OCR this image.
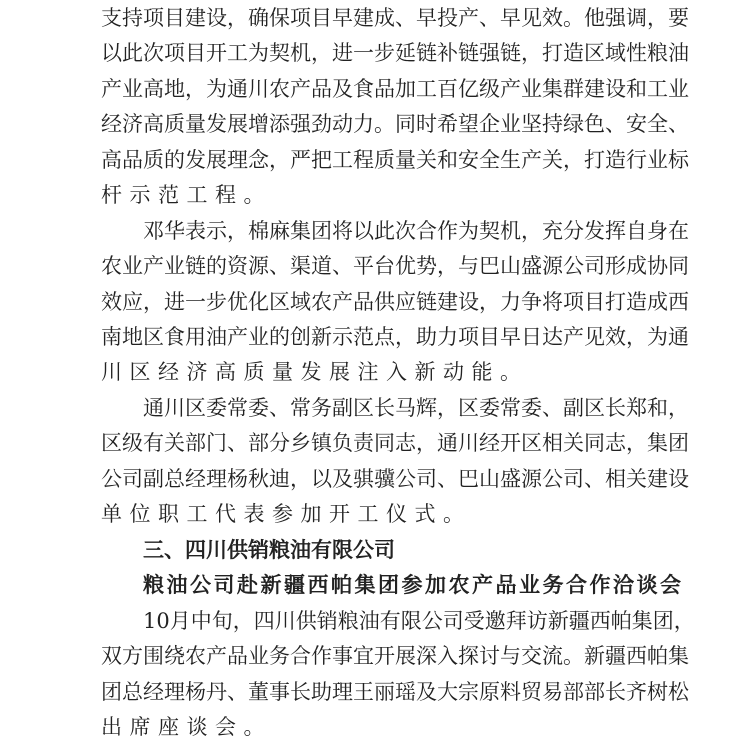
支持项目建设，确保项目早建成、早投产、早见效。他强调，要
以此次项目开工为契机，进一步延链补链强链，打造区域性粮油
产业高地，为通川农产品及食品加工百亿级产业集群建设和工业
经济高质量发展增添强劲动力。同时希望企业坚持绿色、安全、
高品质的发展理念，严把工程质量关和安全生产关，打造行业标
杆示范工程。
邓华表示，棉麻集团将以此次合作为契机，充分发挥自身在
农业产业链的资源、渠道、平台优势，与巴山盛源公司形成协同
效应，进一步优化区域农产品供应链建设，力争将项目打造成西
南地区食用油产业的创新示范点，助力项目早日达产见效，为通
川区经济高质量发展注入新动能。
通川区委常委、常务副区长马辉，区委常委、副区长郑和，
区级有关部门、部分乡镇负责同志，通川经开区相关同志，集团
公司副总经理杨秋迪，以及骐骥公司、巴山盛源公司、相关建设
单位职工代表参加开工仪式。
三、四川供销粮油有限公司
粮油公司赴新疆西帕集团参加农产品业务合作洽谈会
10月中旬，四川供销粮油有限公司受邀拜访新疆西帕集团，
双方围绕农产品业务合作事宜开展深入探讨与交流。新疆西帕集
团总经理杨丹、董事长助理王丽瑶及大宗原料贸易部部长齐树松
出席座谈会。
